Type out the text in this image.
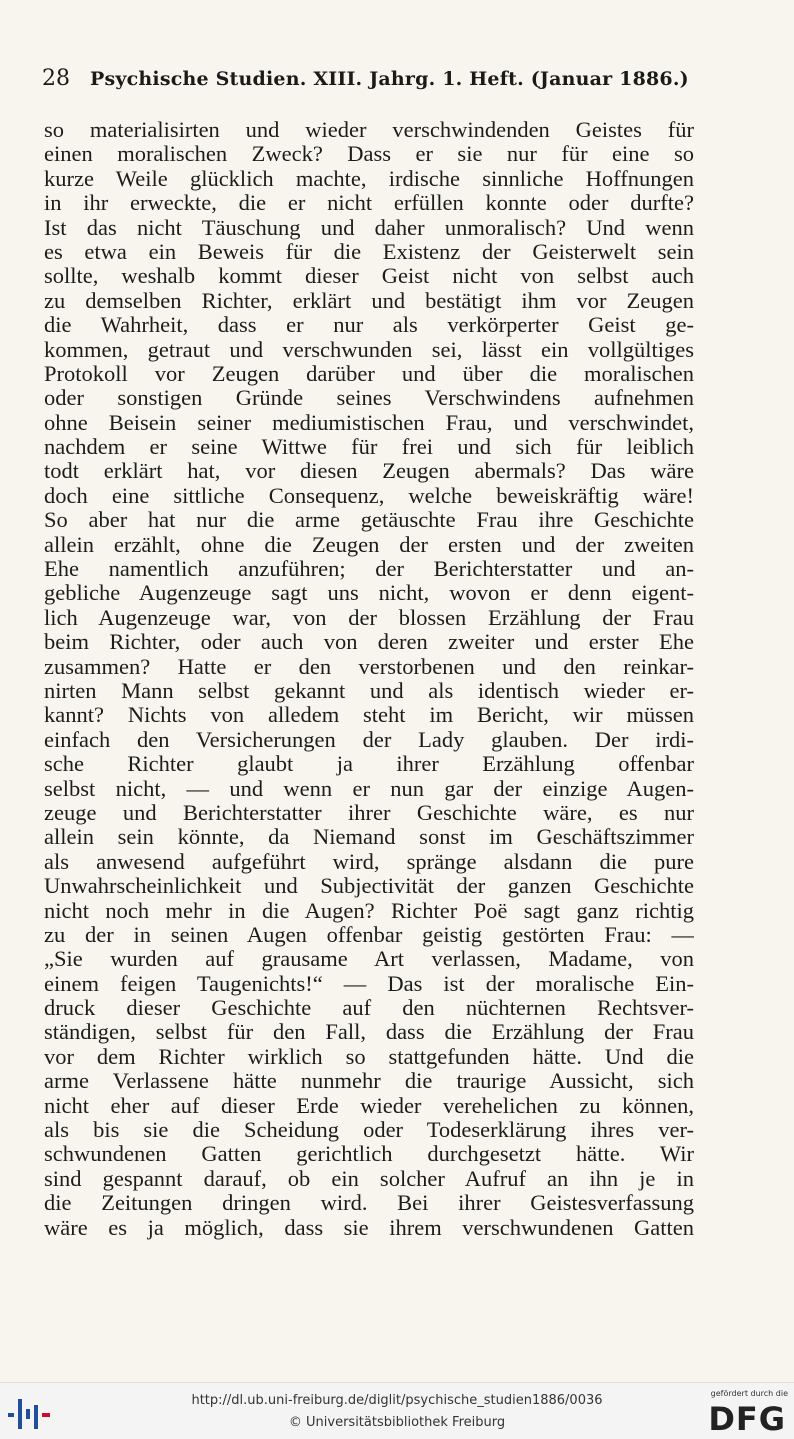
28 Psychische Studien. XIII. Jahrg. 1. Heft. (Januar 1886.)
so materialisirten und wieder verschwindenden Geistes für
einen moralischen Zweck? Dass er sie nur für eine so
kurze Weile glücklich machte, irdische sinnliche Hoffnungen
in ihr erweckte, die er nicht erfüllen konnte oder durfte?
Ist das nicht Täuschung und daher unmoralisch? Und wenn
es etwa ein Beweis für die Existenz der Geisterwelt sein
sollte, weshalb kommt dieser Geist nicht von selbst auch
zu demselben Richter, erklärt und bestätigt ihm vor Zeugen
die Wahrheit, dass er nur als verkörperter Geist ge-
kommen, getraut und verschwunden sei, lässt ein vollgültiges
Protokoll vor Zeugen darüber und über die moralischen
oder sonstigen Gründe seines Verschwindens aufnehmen
ohne Beisein seiner mediumistischen Frau, und verschwindet,
nachdem er seine Wittwe für frei und sich für leiblich
todt erklärt hat, vor diesen Zeugen abermals? Das wäre
doch eine sittliche Consequenz, welche beweiskräftig wäre!
So aber hat nur die arme getäuschte Frau ihre Geschichte
allein erzählt, ohne die Zeugen der ersten und der zweiten
Ehe namentlich anzuführen; der Berichterstatter und an-
gebliche Augenzeuge sagt uns nicht, wovon er denn eigent-
lich Augenzeuge war, von der blossen Erzählung der Frau
beim Richter, oder auch von deren zweiter und erster Ehe
zusammen? Hatte er den verstorbenen und den reinkar-
nirten Mann selbst gekannt und als identisch wieder er-
kannt? Nichts von alledem steht im Bericht, wir müssen
einfach den Versicherungen der Lady glauben. Der irdi-
sche Richter glaubt ja ihrer Erzählung offenbar
selbst nicht, — und wenn er nun gar der einzige Augen-
zeuge und Berichterstatter ihrer Geschichte wäre, es nur
allein sein könnte, da Niemand sonst im Geschäftszimmer
als anwesend aufgeführt wird, spränge alsdann die pure
Unwahrscheinlichkeit und Subjectivität der ganzen Geschichte
nicht noch mehr in die Augen? Richter Poë sagt ganz richtig
zu der in seinen Augen offenbar geistig gestörten Frau: —
„Sie wurden auf grausame Art verlassen, Madame, von
einem feigen Taugenichts!“ — Das ist der moralische Ein-
druck dieser Geschichte auf den nüchternen Rechtsver-
ständigen, selbst für den Fall, dass die Erzählung der Frau
vor dem Richter wirklich so stattgefunden hätte. Und die
arme Verlassene hätte nunmehr die traurige Aussicht, sich
nicht eher auf dieser Erde wieder verehelichen zu können,
als bis sie die Scheidung oder Todeserklärung ihres ver-
schwundenen Gatten gerichtlich durchgesetzt hätte. Wir
sind gespannt darauf, ob ein solcher Aufruf an ihn je in
die Zeitungen dringen wird. Bei ihrer Geistesverfassung
wäre es ja möglich, dass sie ihrem verschwundenen Gatten
http://dl.ub.uni-freiburg.de/diglit/psychische_studien1886/0036
© Universitätsbibliothek Freiburg
gefördert durch die
DFG
